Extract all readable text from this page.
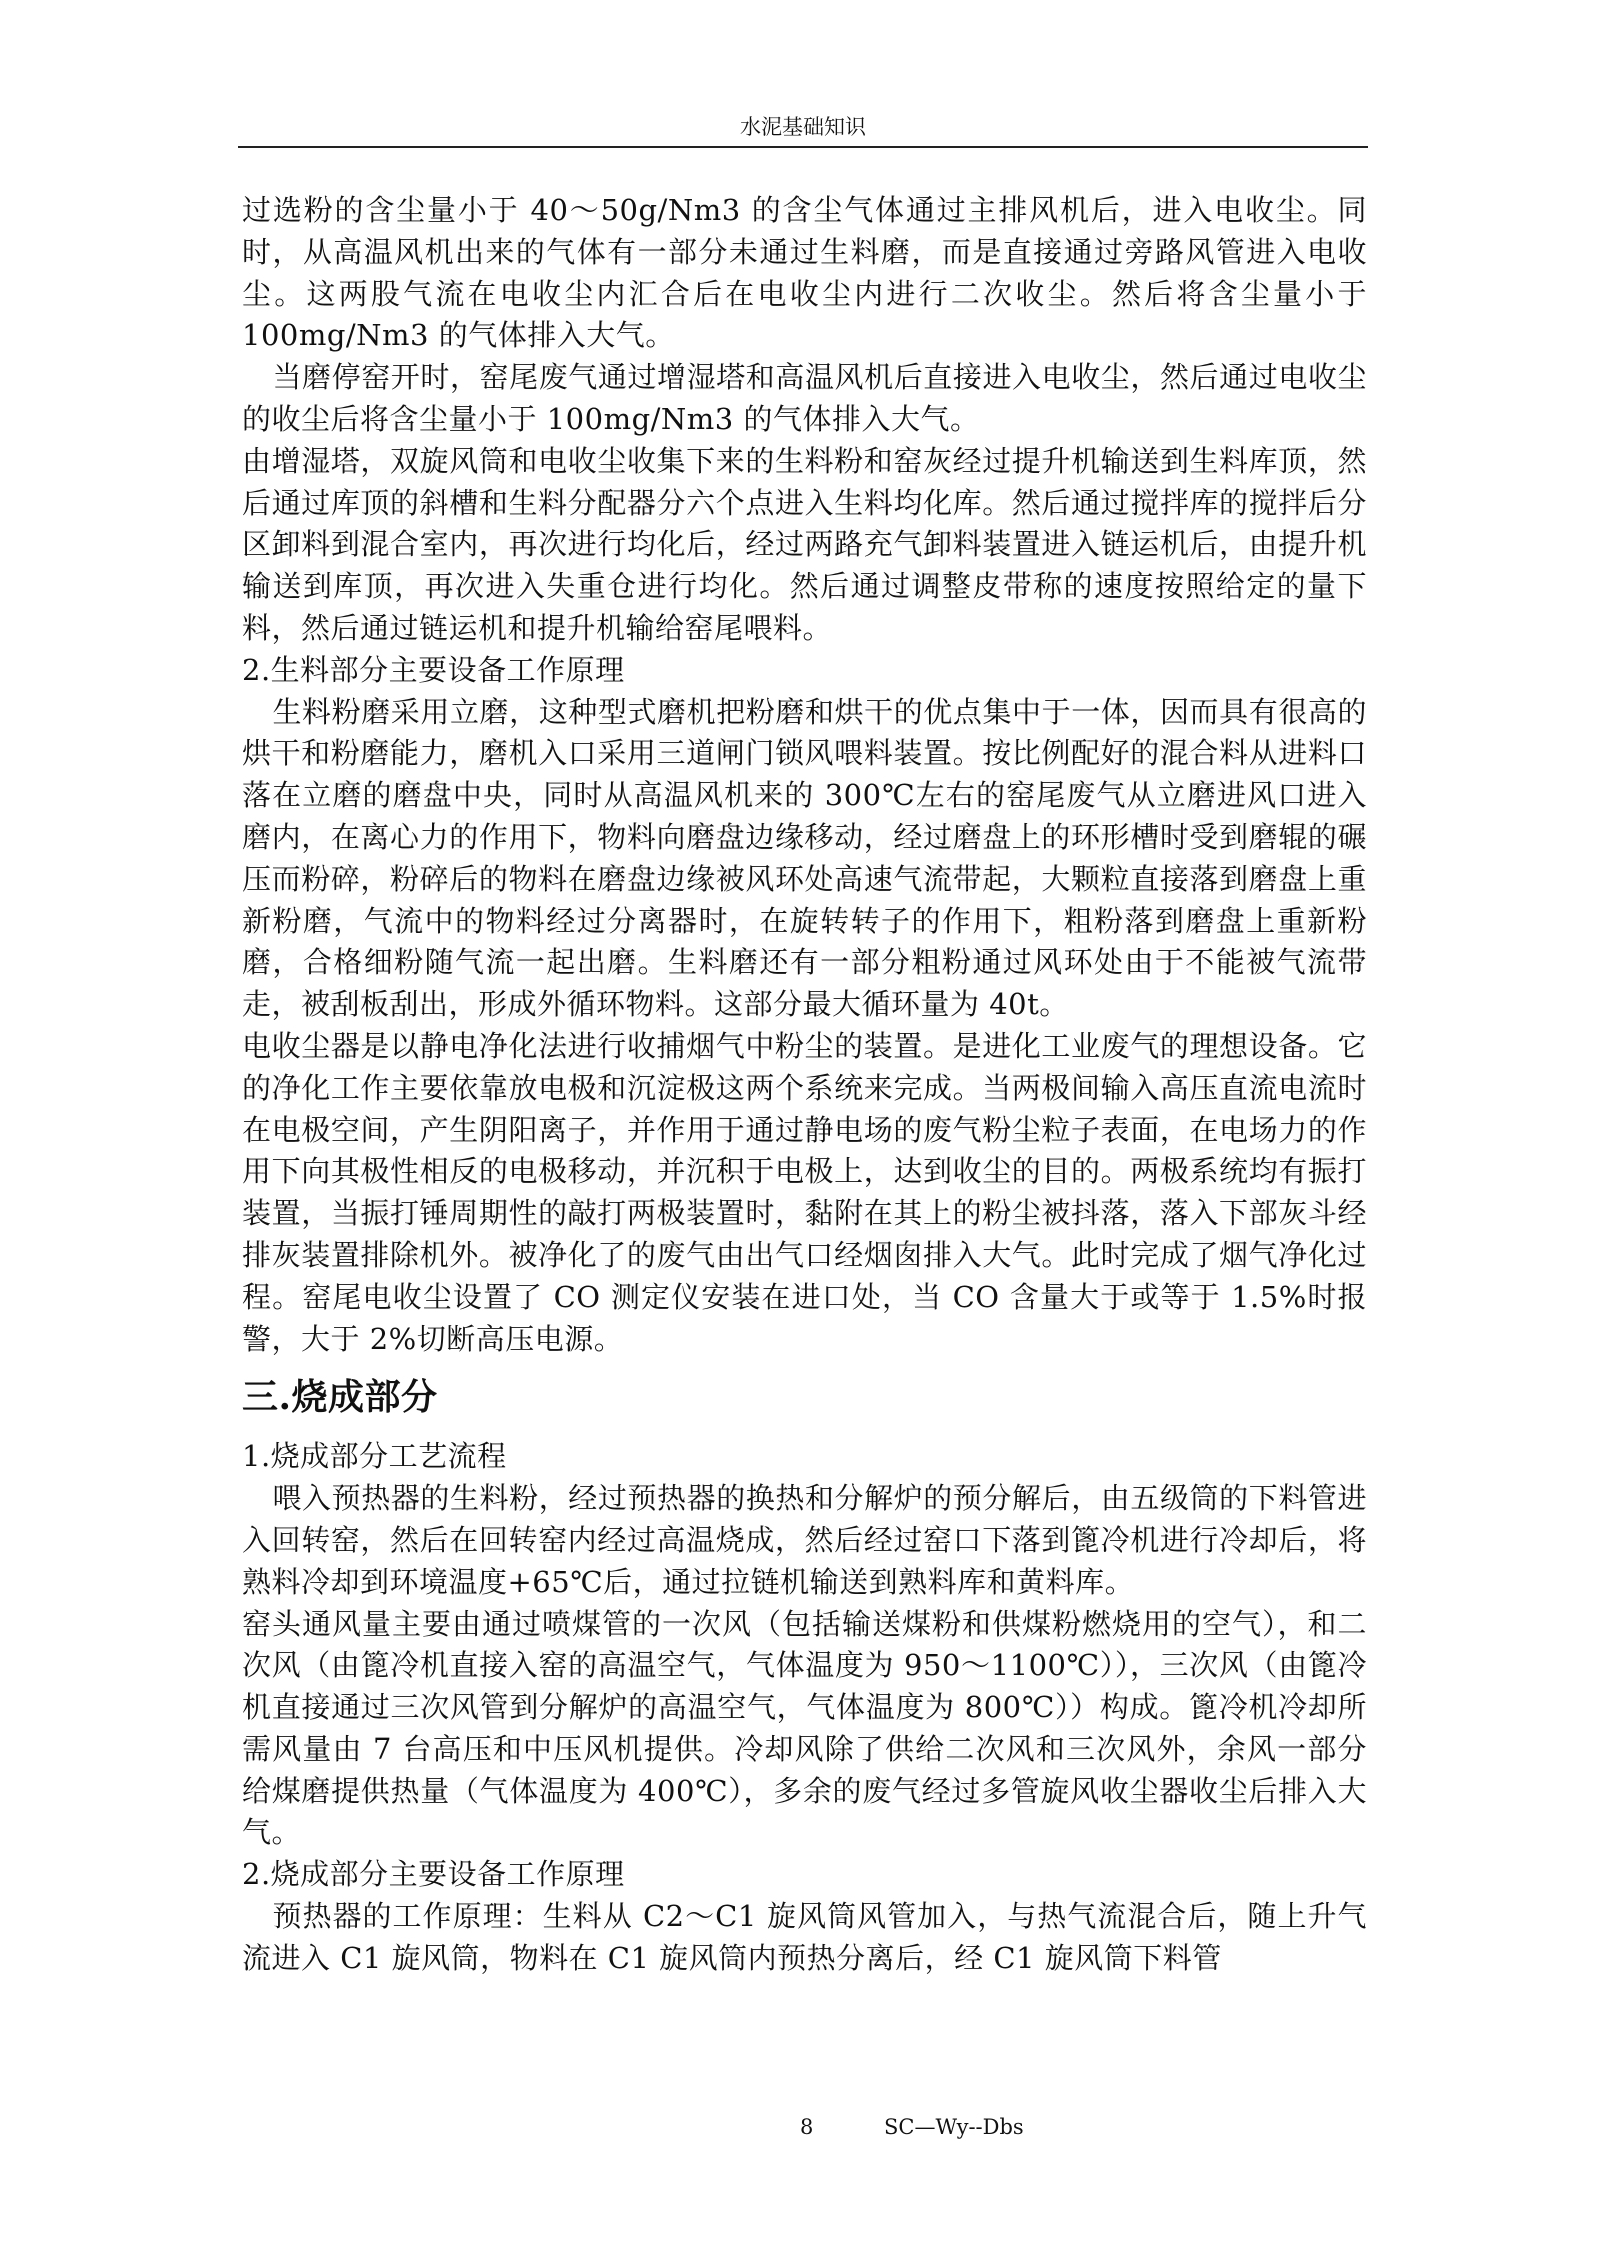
水泥基础知识

过选粉的含尘量小于 40～50g/Nm3 的含尘气体通过主排风机后，进入电收尘。同时，从高温风机出来的气体有一部分未通过生料磨，而是直接通过旁路风管进入电收尘。这两股气流在电收尘内汇合后在电收尘内进行二次收尘。然后将含尘量小于 100mg/Nm3 的气体排入大气。

当磨停窑开时，窑尾废气通过增湿塔和高温风机后直接进入电收尘，然后通过电收尘的收尘后将含尘量小于 100mg/Nm3 的气体排入大气。

由增湿塔，双旋风筒和电收尘收集下来的生料粉和窑灰经过提升机输送到生料库顶，然后通过库顶的斜槽和生料分配器分六个点进入生料均化库。然后通过搅拌库的搅拌后分区卸料到混合室内，再次进行均化后，经过两路充气卸料装置进入链运机后，由提升机输送到库顶，再次进入失重仓进行均化。然后通过调整皮带称的速度按照给定的量下料，然后通过链运机和提升机输给窑尾喂料。

2.生料部分主要设备工作原理

生料粉磨采用立磨，这种型式磨机把粉磨和烘干的优点集中于一体，因而具有很高的烘干和粉磨能力，磨机入口采用三道闸门锁风喂料装置。按比例配好的混合料从进料口落在立磨的磨盘中央，同时从高温风机来的 300℃左右的窑尾废气从立磨进风口进入磨内，在离心力的作用下，物料向磨盘边缘移动，经过磨盘上的环形槽时受到磨辊的碾压而粉碎，粉碎后的物料在磨盘边缘被风环处高速气流带起，大颗粒直接落到磨盘上重新粉磨，气流中的物料经过分离器时，在旋转转子的作用下，粗粉落到磨盘上重新粉磨，合格细粉随气流一起出磨。生料磨还有一部分粗粉通过风环处由于不能被气流带走，被刮板刮出，形成外循环物料。这部分最大循环量为 40t。

电收尘器是以静电净化法进行收捕烟气中粉尘的装置。是进化工业废气的理想设备。它的净化工作主要依靠放电极和沉淀极这两个系统来完成。当两极间输入高压直流电流时在电极空间，产生阴阳离子，并作用于通过静电场的废气粉尘粒子表面，在电场力的作用下向其极性相反的电极移动，并沉积于电极上，达到收尘的目的。两极系统均有振打装置，当振打锤周期性的敲打两极装置时，黏附在其上的粉尘被抖落，落入下部灰斗经排灰装置排除机外。被净化了的废气由出气口经烟囱排入大气。此时完成了烟气净化过程。窑尾电收尘设置了 CO 测定仪安装在进口处，当 CO 含量大于或等于 1.5%时报警，大于 2%切断高压电源。

三.烧成部分

1.烧成部分工艺流程

喂入预热器的生料粉，经过预热器的换热和分解炉的预分解后，由五级筒的下料管进入回转窑，然后在回转窑内经过高温烧成，然后经过窑口下落到篦冷机进行冷却后，将熟料冷却到环境温度+65℃后，通过拉链机输送到熟料库和黄料库。

窑头通风量主要由通过喷煤管的一次风（包括输送煤粉和供煤粉燃烧用的空气），和二次风（由篦冷机直接入窑的高温空气，气体温度为 950～1100℃）），三次风（由篦冷机直接通过三次风管到分解炉的高温空气，气体温度为 800℃））构成。篦冷机冷却所需风量由 7 台高压和中压风机提供。冷却风除了供给二次风和三次风外，余风一部分给煤磨提供热量（气体温度为 400℃），多余的废气经过多管旋风收尘器收尘后排入大气。

2.烧成部分主要设备工作原理

预热器的工作原理：生料从 C2～C1 旋风筒风管加入，与热气流混合后，随上升气流进入 C1 旋风筒，物料在 C1 旋风筒内预热分离后，经 C1 旋风筒下料管

8	SC—Wy--Dbs
